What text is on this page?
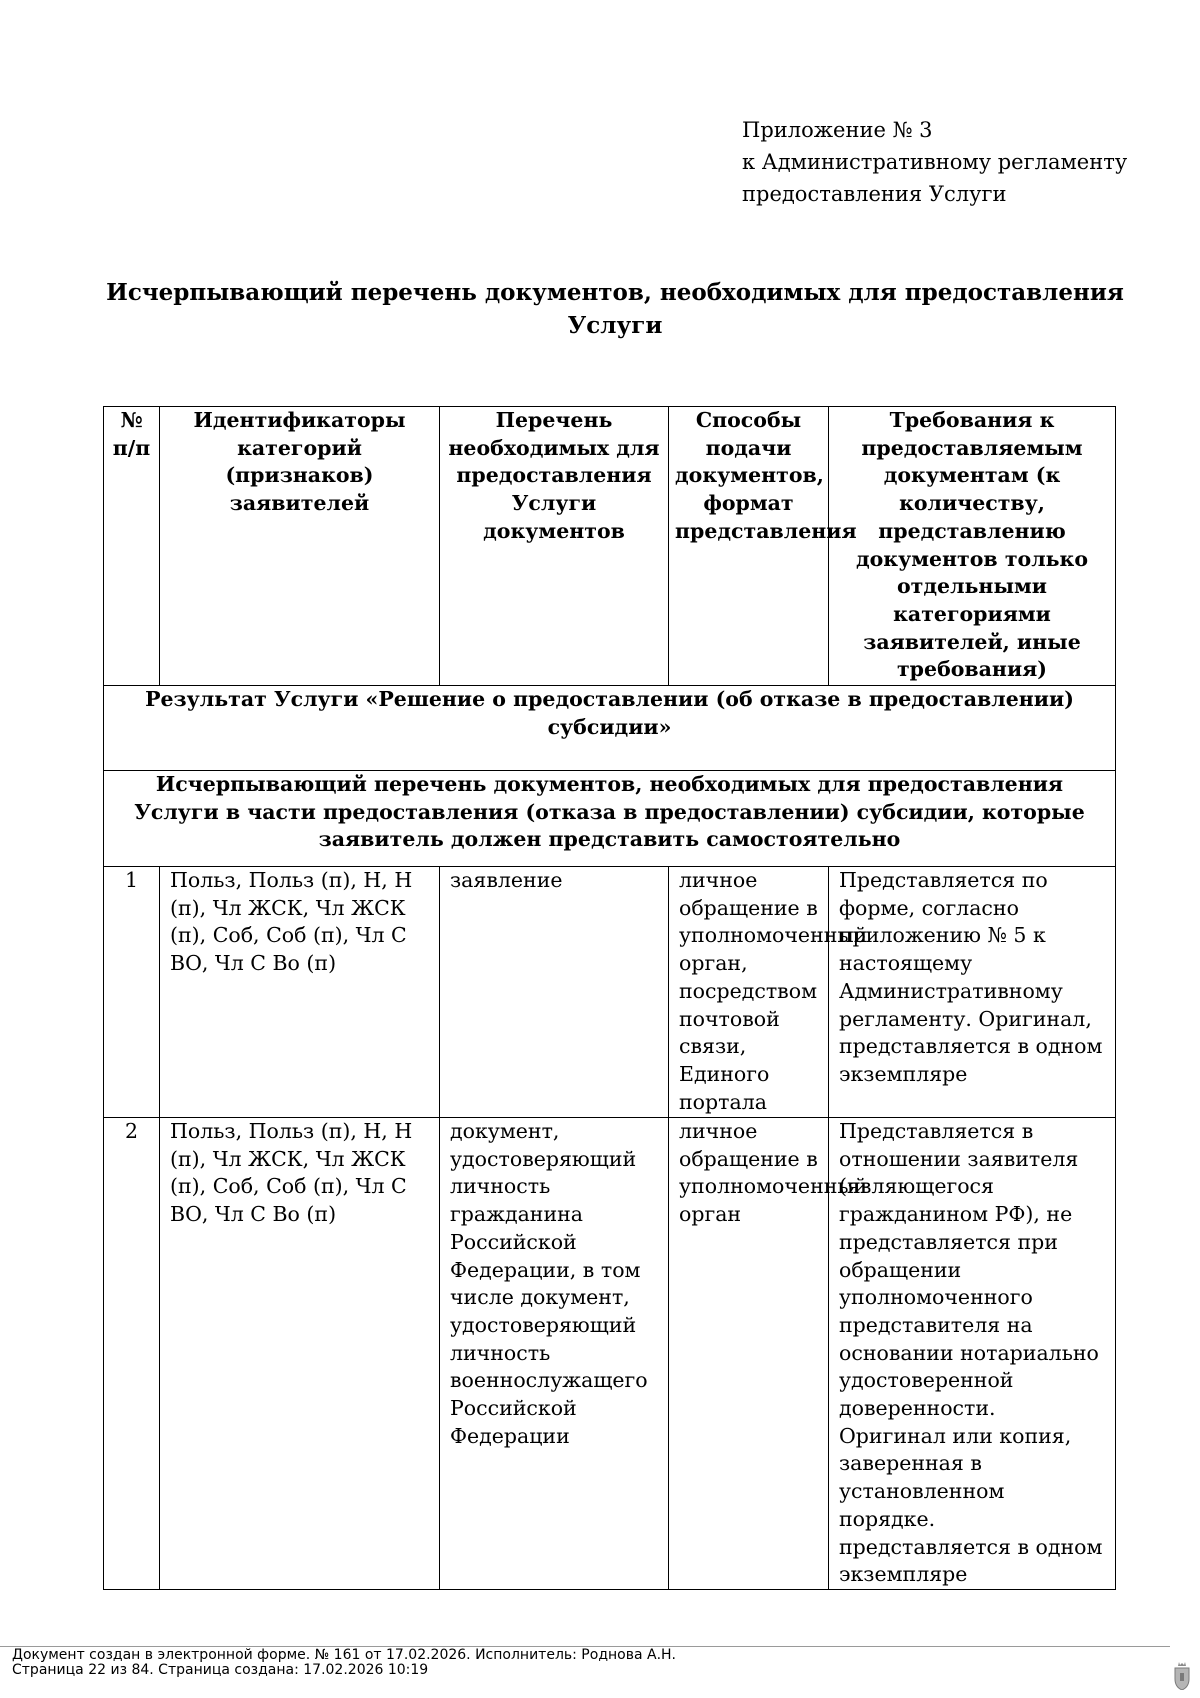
Приложение № 3
к Административному регламенту
предоставления Услуги
Исчерпывающий перечень документов, необходимых для предоставления Услуги
№ п/п	Идентификаторы категорий (признаков) заявителей	Перечень необходимых для предоставления Услуги документов	Способы подачи документов, формат представления	Требования к предоставляемым документам (к количеству, представлению документов только отдельными категориями заявителей, иные требования)
Результат Услуги «Решение о предоставлении (об отказе в предоставлении) субсидии»				
Исчерпывающий перечень документов, необходимых для предоставления Услуги в части предоставления (отказа в предоставлении) субсидии, которые заявитель должен представить самостоятельно				
1	Польз, Польз (п), Н, Н (п), Чл ЖСК, Чл ЖСК (п), Соб, Соб (п), Чл С ВО, Чл С Во (п)	заявление	личное обращение в уполномоченный орган, посредством почтовой связи, Единого портала	Представляется по форме, согласно приложению № 5 к настоящему Административному регламенту. Оригинал, представляется в одном экземпляре
2	Польз, Польз (п), Н, Н (п), Чл ЖСК, Чл ЖСК (п), Соб, Соб (п), Чл С ВО, Чл С Во (п)	документ, удостоверяющий личность гражданина Российской Федерации, в том числе документ, удостоверяющий личность военнослужащего Российской Федерации	личное обращение в уполномоченный орган	Представляется в отношении заявителя (являющегося гражданином РФ), не представляется при обращении уполномоченного представителя на основании нотариально удостоверенной доверенности. Оригинал или копия, заверенная в установленном порядке. представляется в одном экземпляре
Документ создан в электронной форме. № 161 от 17.02.2026. Исполнитель: Роднова А.Н.
Страница 22 из 84. Страница создана: 17.02.2026 10:19
